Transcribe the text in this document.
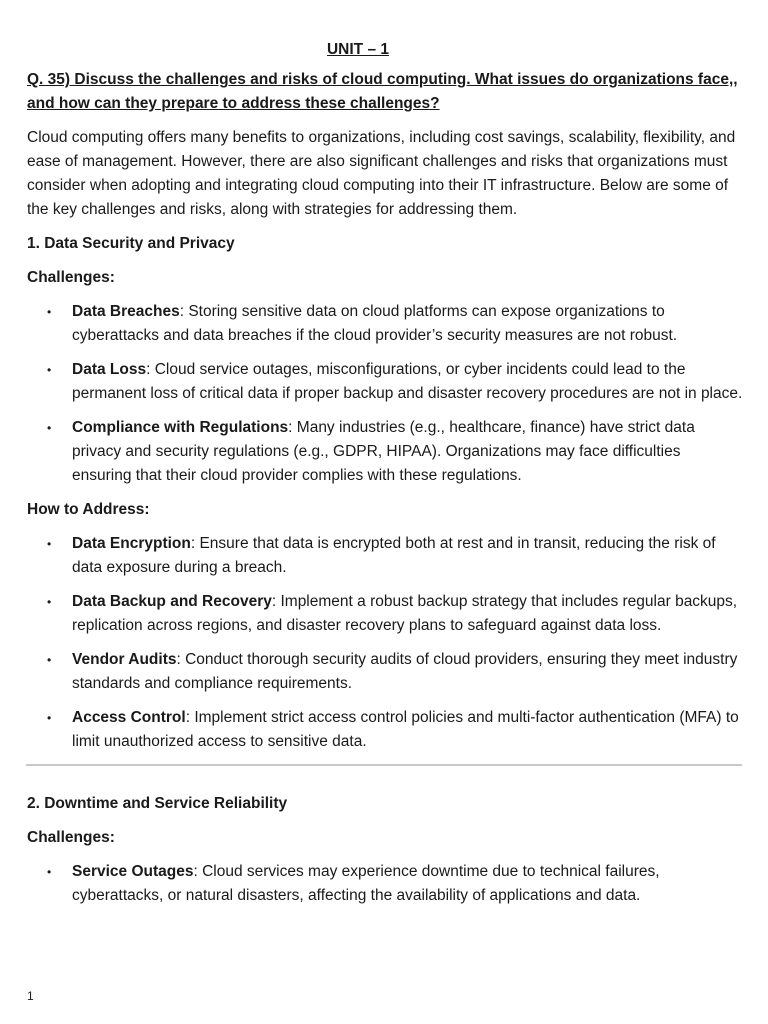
UNIT – 1
Q. 35) Discuss the challenges and risks of cloud computing. What issues do organizations face,, and how can they prepare to address these challenges?

Cloud computing offers many benefits to organizations, including cost savings, scalability, flexibility, and ease of management. However, there are also significant challenges and risks that organizations must consider when adopting and integrating cloud computing into their IT infrastructure. Below are some of the key challenges and risks, along with strategies for addressing them.

1. Data Security and Privacy
Challenges:
• Data Breaches: Storing sensitive data on cloud platforms can expose organizations to cyberattacks and data breaches if the cloud provider’s security measures are not robust.
• Data Loss: Cloud service outages, misconfigurations, or cyber incidents could lead to the permanent loss of critical data if proper backup and disaster recovery procedures are not in place.
• Compliance with Regulations: Many industries (e.g., healthcare, finance) have strict data privacy and security regulations (e.g., GDPR, HIPAA). Organizations may face difficulties ensuring that their cloud provider complies with these regulations.
How to Address:
• Data Encryption: Ensure that data is encrypted both at rest and in transit, reducing the risk of data exposure during a breach.
• Data Backup and Recovery: Implement a robust backup strategy that includes regular backups, replication across regions, and disaster recovery plans to safeguard against data loss.
• Vendor Audits: Conduct thorough security audits of cloud providers, ensuring they meet industry standards and compliance requirements.
• Access Control: Implement strict access control policies and multi-factor authentication (MFA) to limit unauthorized access to sensitive data.
2. Downtime and Service Reliability
Challenges:
• Service Outages: Cloud services may experience downtime due to technical failures, cyberattacks, or natural disasters, affecting the availability of applications and data.
1
